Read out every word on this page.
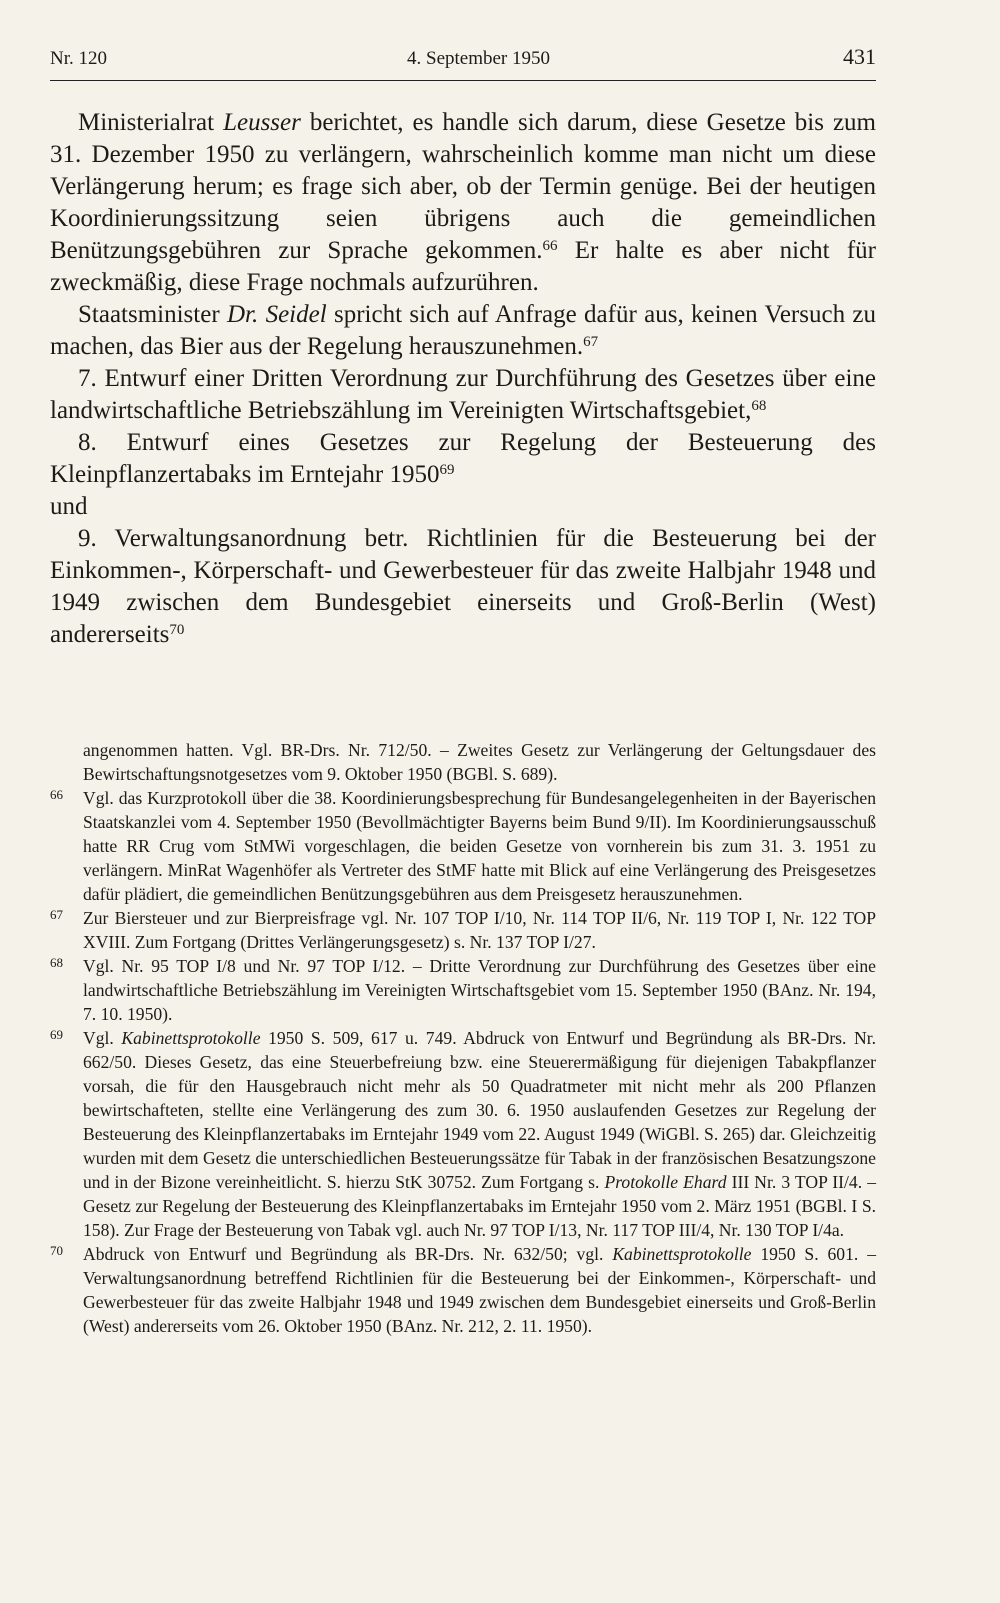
Nr. 120	4. September 1950	431

Ministerialrat Leusser berichtet, es handle sich darum, diese Gesetze bis zum 31. Dezember 1950 zu verlängern, wahrscheinlich komme man nicht um diese Verlängerung herum; es frage sich aber, ob der Termin genüge. Bei der heutigen Koordinierungssitzung seien übrigens auch die gemeindlichen Benützungsgebühren zur Sprache gekommen.$^{66}$ Er halte es aber nicht für zweckmäßig, diese Frage nochmals aufzurühren.

Staatsminister Dr. Seidel spricht sich auf Anfrage dafür aus, keinen Versuch zu machen, das Bier aus der Regelung herauszunehmen.$^{67}$

7. Entwurf einer Dritten Verordnung zur Durchführung des Gesetzes über eine landwirtschaftliche Betriebszählung im Vereinigten Wirtschaftsgebiet,$^{68}$

8. Entwurf eines Gesetzes zur Regelung der Besteuerung des Kleinpflanzertabaks im Erntejahr 1950$^{69}$

und

9. Verwaltungsanordnung betr. Richtlinien für die Besteuerung bei der Einkommen-, Körperschaft- und Gewerbesteuer für das zweite Halbjahr 1948 und 1949 zwischen dem Bundesgebiet einerseits und Groß-Berlin (West) andererseits$^{70}$

angenommen hatten. Vgl. BR-Drs. Nr. 712/50. – Zweites Gesetz zur Verlängerung der Geltungsdauer des Bewirtschaftungsnotgesetzes vom 9. Oktober 1950 (BGBl. S. 689).
66 Vgl. das Kurzprotokoll über die 38. Koordinierungsbesprechung für Bundesangelegenheiten in der Bayerischen Staatskanzlei vom 4. September 1950 (Bevollmächtigter Bayerns beim Bund 9/II). Im Koordinierungsausschuß hatte RR Crug vom StMWi vorgeschlagen, die beiden Gesetze von vornherein bis zum 31. 3. 1951 zu verlängern. MinRat Wagenhöfer als Vertreter des StMF hatte mit Blick auf eine Verlängerung des Preisgesetzes dafür plädiert, die gemeindlichen Benützungsgebühren aus dem Preisgesetz herauszunehmen.
67 Zur Biersteuer und zur Bierpreisfrage vgl. Nr. 107 TOP I/10, Nr. 114 TOP II/6, Nr. 119 TOP I, Nr. 122 TOP XVIII. Zum Fortgang (Drittes Verlängerungsgesetz) s. Nr. 137 TOP I/27.
68 Vgl. Nr. 95 TOP I/8 und Nr. 97 TOP I/12. – Dritte Verordnung zur Durchführung des Gesetzes über eine landwirtschaftliche Betriebszählung im Vereinigten Wirtschaftsgebiet vom 15. September 1950 (BAnz. Nr. 194, 7. 10. 1950).
69 Vgl. Kabinettsprotokolle 1950 S. 509, 617 u. 749. Abdruck von Entwurf und Begründung als BR-Drs. Nr. 662/50. Dieses Gesetz, das eine Steuerbefreiung bzw. eine Steuerermäßigung für diejenigen Tabakpflanzer vorsah, die für den Hausgebrauch nicht mehr als 50 Quadratmeter mit nicht mehr als 200 Pflanzen bewirtschafteten, stellte eine Verlängerung des zum 30. 6. 1950 auslaufenden Gesetzes zur Regelung der Besteuerung des Kleinpflanzertabaks im Erntejahr 1949 vom 22. August 1949 (WiGBl. S. 265) dar. Gleichzeitig wurden mit dem Gesetz die unterschiedlichen Besteuerungssätze für Tabak in der französischen Besatzungszone und in der Bizone vereinheitlicht. S. hierzu StK 30752. Zum Fortgang s. Protokolle Ehard III Nr. 3 TOP II/4. – Gesetz zur Regelung der Besteuerung des Kleinpflanzertabaks im Erntejahr 1950 vom 2. März 1951 (BGBl. I S. 158). Zur Frage der Besteuerung von Tabak vgl. auch Nr. 97 TOP I/13, Nr. 117 TOP III/4, Nr. 130 TOP I/4a.
70 Abdruck von Entwurf und Begründung als BR-Drs. Nr. 632/50; vgl. Kabinettsprotokolle 1950 S. 601. – Verwaltungsanordnung betreffend Richtlinien für die Besteuerung bei der Einkommen-, Körperschaft- und Gewerbesteuer für das zweite Halbjahr 1948 und 1949 zwischen dem Bundesgebiet einerseits und Groß-Berlin (West) andererseits vom 26. Oktober 1950 (BAnz. Nr. 212, 2. 11. 1950).
